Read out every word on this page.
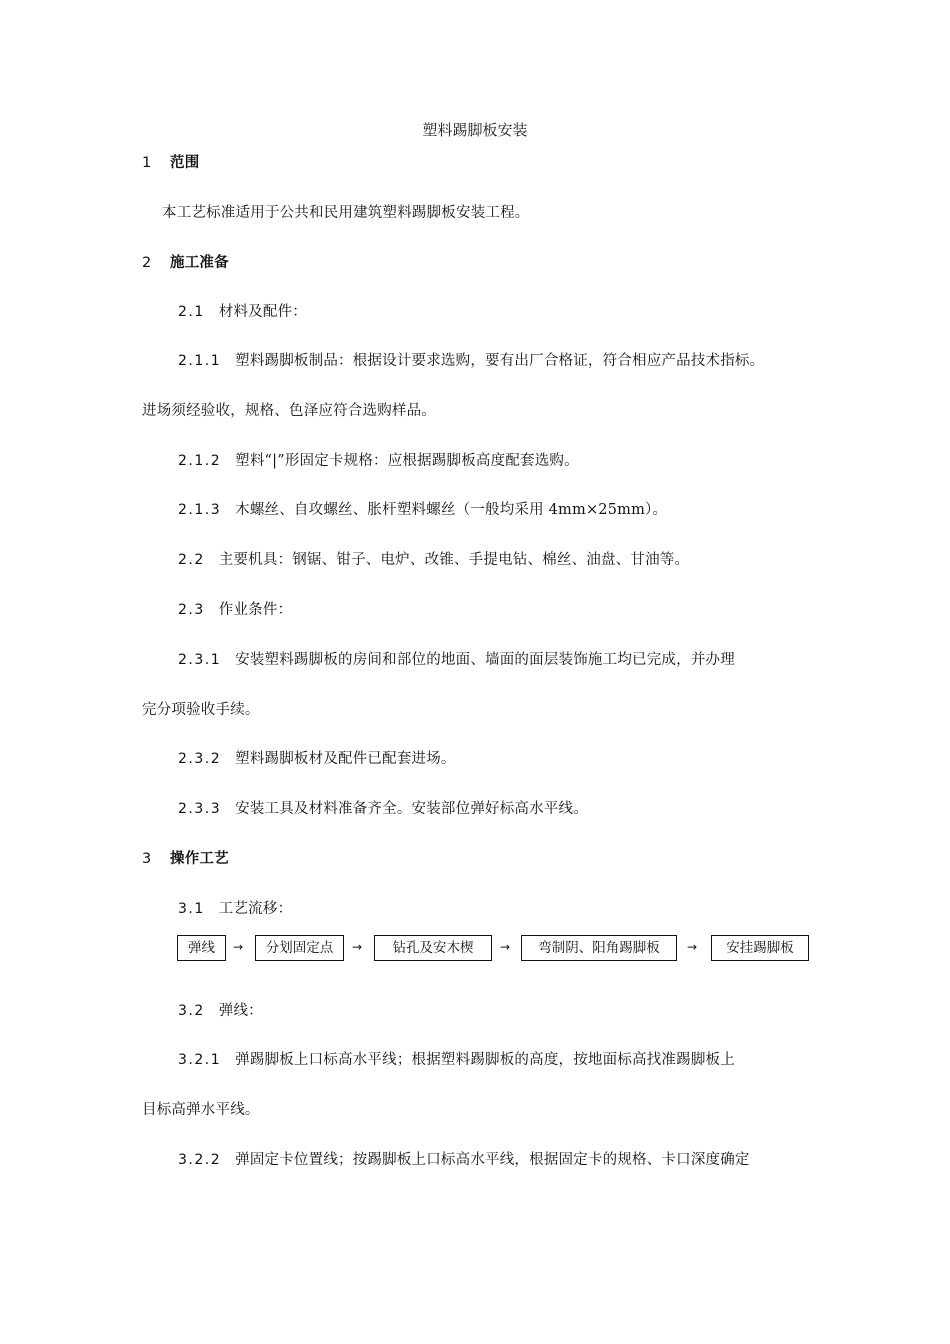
塑料踢脚板安装
1 范围
本工艺标准适用于公共和民用建筑塑料踢脚板安装工程。
2 施工准备
2.1 材料及配件：
2.1.1 塑料踢脚板制品：根据设计要求选购，要有出厂合格证，符合相应产品技术指标。
进场须经验收，规格、色泽应符合选购样品。
2.1.2 塑料“|”形固定卡规格：应根据踢脚板高度配套选购。
2.1.3 木螺丝、自攻螺丝、胀杆塑料螺丝（一般均采用 4mm×25mm）。
2.2 主要机具：钢锯、钳子、电炉、改锥、手提电钻、棉丝、油盘、甘油等。
2.3 作业条件：
2.3.1 安装塑料踢脚板的房间和部位的地面、墙面的面层装饰施工均已完成，并办理
完分项验收手续。
2.3.2 塑料踢脚板材及配件已配套进场。
2.3.3 安装工具及材料准备齐全。安装部位弹好标高水平线。
3 操作工艺
3.1 工艺流移：
弹线	→	分划固定点	→	钻孔及安木楔	→	弯制阴、阳角踢脚板	→	安挂踢脚板
3.2 弹线：
3.2.1 弹踢脚板上口标高水平线；根据塑料踢脚板的高度，按地面标高找准踢脚板上
目标高弹水平线。
3.2.2 弹固定卡位置线；按踢脚板上口标高水平线，根据固定卡的规格、卡口深度确定
